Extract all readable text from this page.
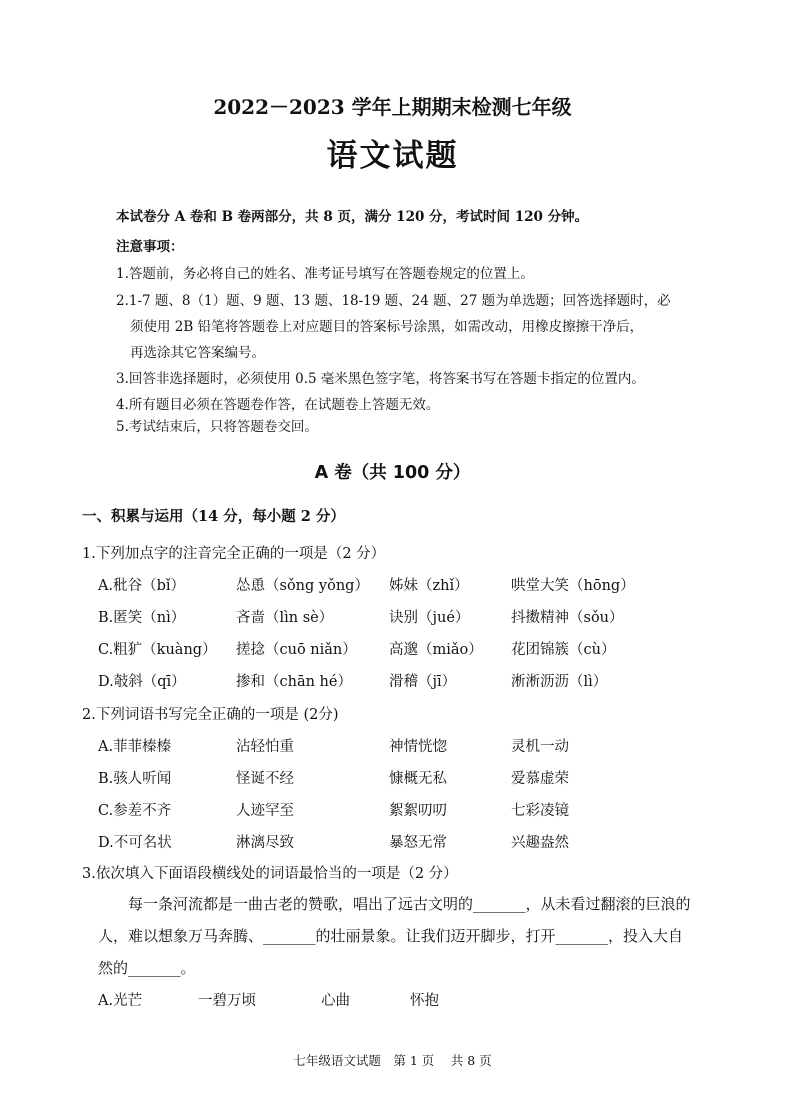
2022－2023 学年上期期末检测七年级
语文试题
本试卷分 A 卷和 B 卷两部分，共 8 页，满分 120 分，考试时间 120 分钟。
注意事项：
1.答题前，务必将自己的姓名、准考证号填写在答题卷规定的位置上。
2.1-7 题、8（1）题、9 题、13 题、18-19 题、24 题、27 题为单选题；回答选择题时，必
须使用 2B 铅笔将答题卷上对应题目的答案标号涂黑，如需改动，用橡皮擦擦干净后，
再选涂其它答案编号。
3.回答非选择题时，必须使用 0.5 毫米黑色签字笔，将答案书写在答题卡指定的位置内。
4.所有题目必须在答题卷作答，在试题卷上答题无效。
5.考试结束后，只将答题卷交回。
A 卷（共 100 分）
一、积累与运用（14 分，每小题 2 分）
1.下列加点字的注音完全正确的一项是（2 分）
A.秕谷（bǐ）	怂恿（sǒng yǒng） 姊妹（zhǐ）	哄堂大笑（hōng）
B.匿笑（nì）	吝啬（lìn sè）	诀别（jué）	抖擞精神（sǒu）
C.粗犷（kuàng） 搓捻（cuō niǎn） 高邈（miǎo） 花团锦簇（cù）
D.攲斜（qī）	掺和（chān hé）	滑稽（jī）	淅淅沥沥（lì）
2.下列词语书写完全正确的一项是 (2分)
A.菲菲榛榛	沾轻怕重	神情恍惚	灵机一动
B.骇人听闻	怪诞不经	慷概无私	爱慕虚荣
C.参差不齐	人迹罕至	絮絮叨叨	七彩凌镜
D.不可名状	淋漓尽致	暴怒无常	兴趣盎然
3.依次填入下面语段横线处的词语最恰当的一项是（2 分）
每一条河流都是一曲古老的赞歌，唱出了远古文明的_______，从未看过翻滚的巨浪的
人，难以想象万马奔腾、_______的壮丽景象。让我们迈开脚步，打开_______，投入大自
然的_______。
A.光芒	一碧万顷	心曲	怀抱
七年级语文试题　第 1 页　 共 8 页
